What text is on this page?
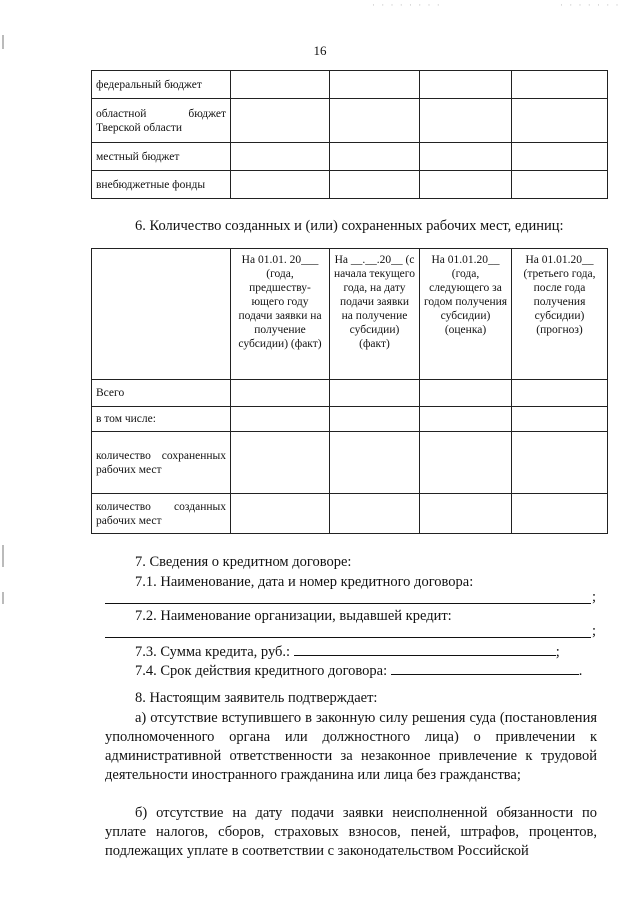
· · · · · · · ·	· · · · · · ·
16
федеральный бюджет				
областной бюджет Тверской области				
местный бюджет				
внебюджетные фонды				
6. Количество созданных и (или) сохраненных рабочих мест, единиц:
	На 01.01. 20___ (года, предшеству-ющего году подачи заявки на получение субсидии) (факт)	На __.__.20__ (с начала текущего года, на дату подачи заявки на получение субсидии) (факт)	На 01.01.20__ (года, следующего за годом получения субсидии) (оценка)	На 01.01.20__ (третьего года, после года получения субсидии) (прогноз)
Всего				
в том числе:				
количество сохраненных рабочих мест				
количество созданных рабочих мест				
7. Сведения о кредитном договоре:
7.1. Наименование, дата и номер кредитного договора:
;
7.2. Наименование организации, выдавшей кредит:
;
7.3. Сумма кредита, руб.:	;
7.4. Срок действия кредитного договора:	.
8. Настоящим заявитель подтверждает:
а) отсутствие вступившего в законную силу решения суда (постановления уполномоченного органа или должностного лица) о привлечении к административной ответственности за незаконное привлечение к трудовой деятельности иностранного гражданина или лица без гражданства;
б) отсутствие на дату подачи заявки неисполненной обязанности по уплате налогов, сборов, страховых взносов, пеней, штрафов, процентов, подлежащих уплате в соответствии с законодательством Российской
